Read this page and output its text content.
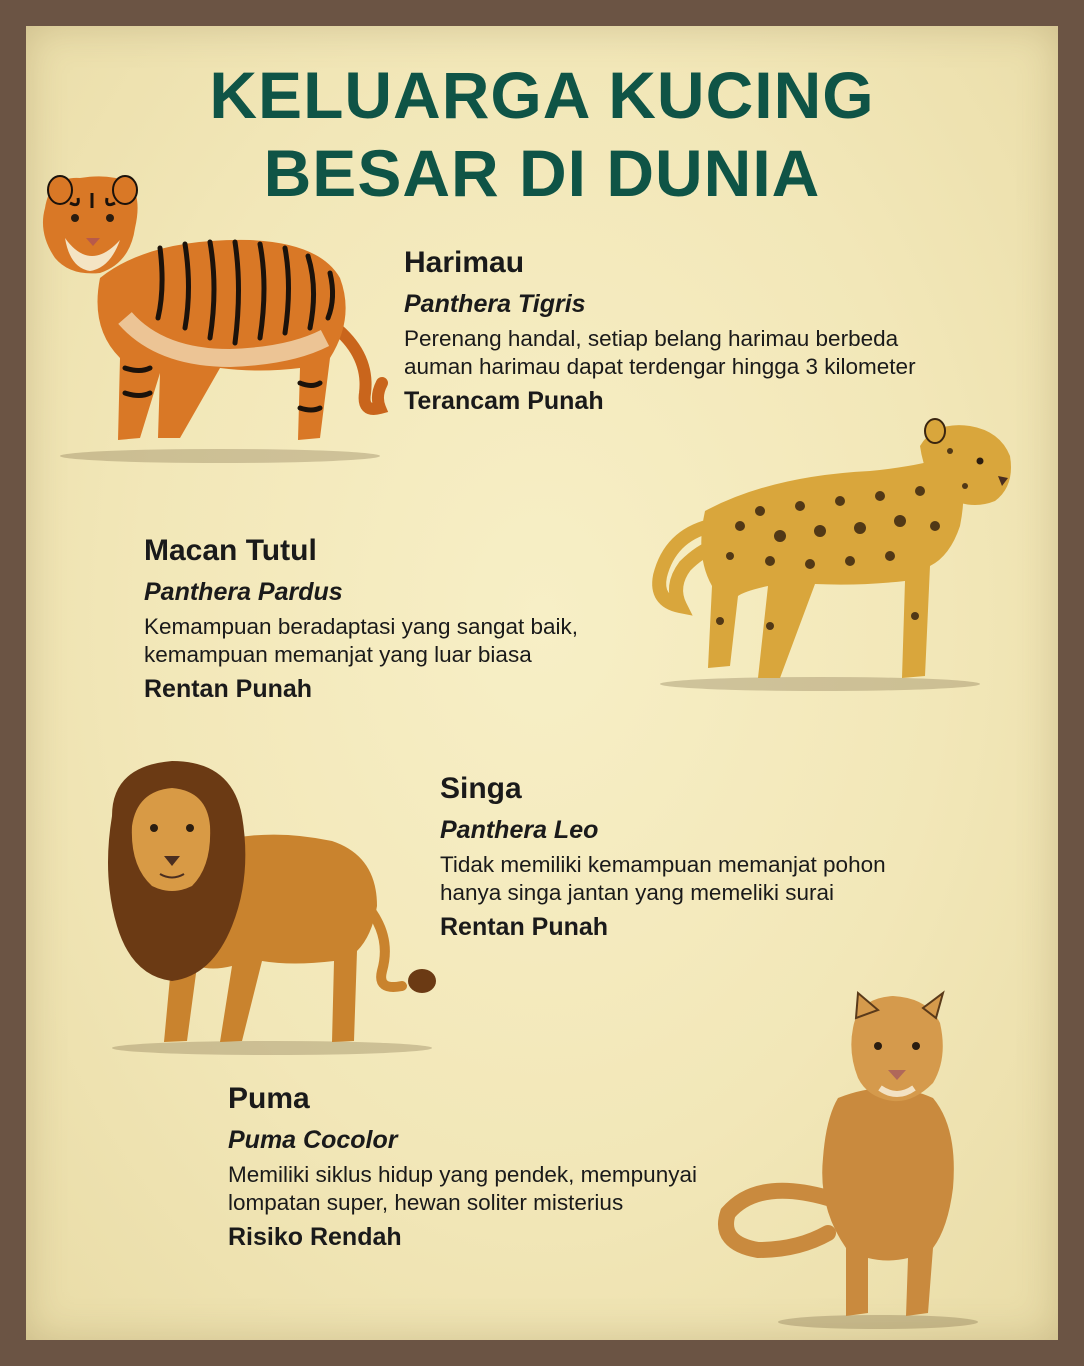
KELUARGA KUCING
BESAR DI DUNIA

Harimau

Panthera Tigris

Perenang handal, setiap belang harimau berbeda
auman harimau dapat terdengar hingga 3 kilometer

Terancam Punah

Macan Tutul

Panthera Pardus

Kemampuan beradaptasi yang sangat baik,
kemampuan memanjat yang luar biasa

Rentan Punah

Singa

Panthera Leo

Tidak memiliki kemampuan memanjat pohon
hanya singa jantan yang memeliki surai

Rentan Punah

Puma

Puma Cocolor

Memiliki siklus hidup yang pendek, mempunyai
lompatan super, hewan soliter misterius

Risiko Rendah
